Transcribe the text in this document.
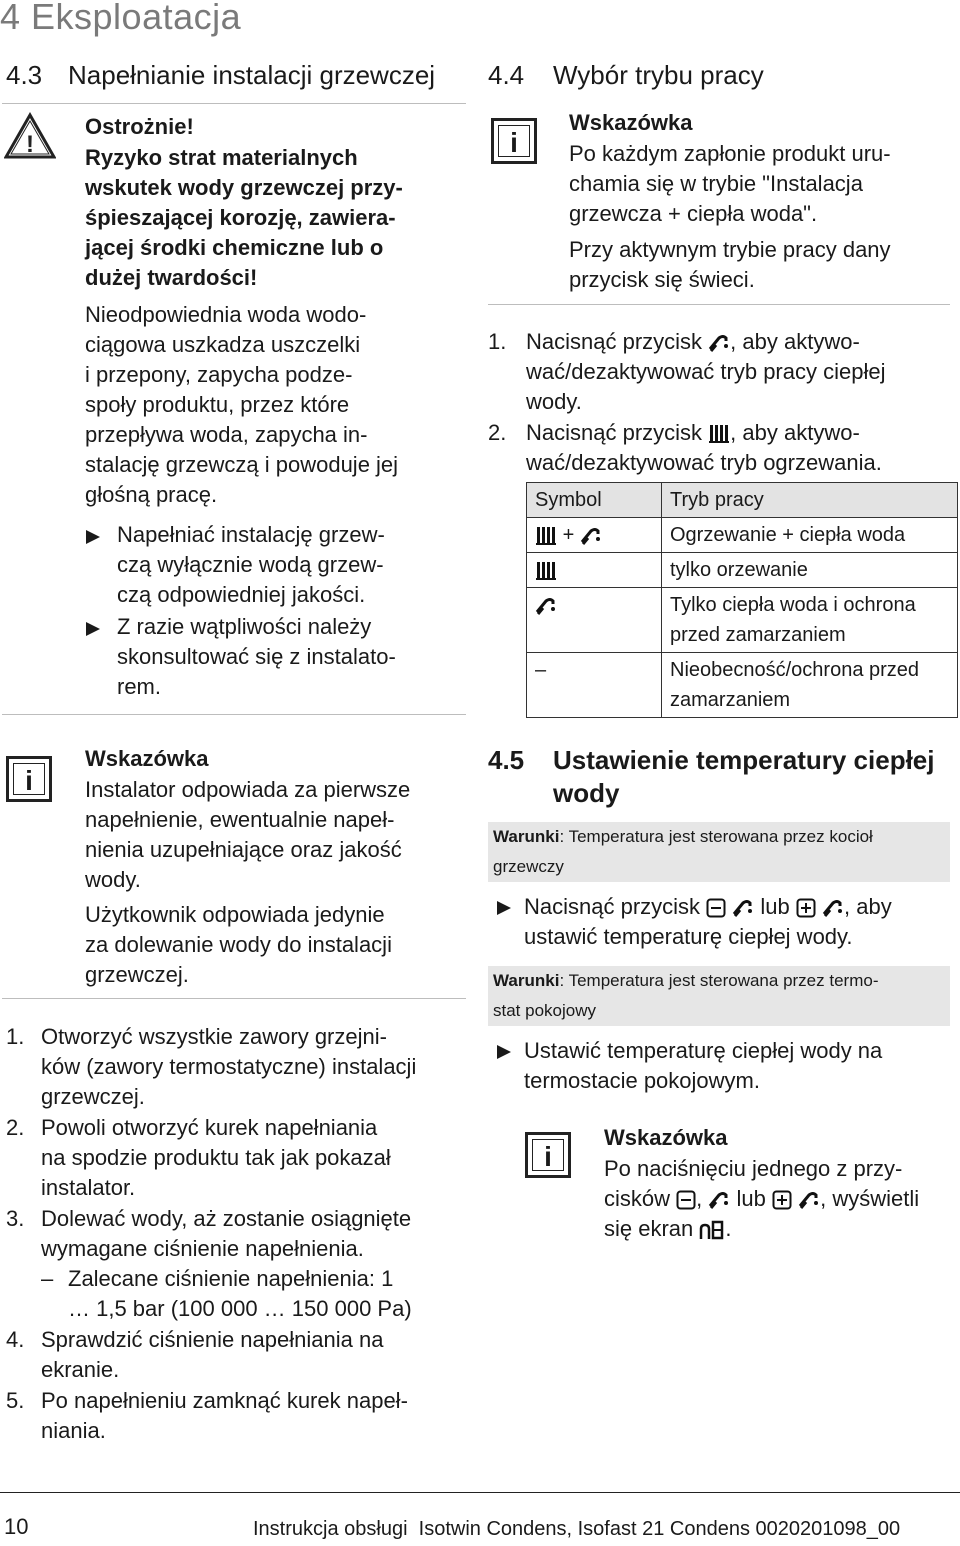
4 Eksploatacja
4.3 Napełnianie instalacji grzewczej
!
Ostrożnie!
Ryzyko strat materialnych
wskutek wody grzewczej przy-
śpieszającej korozję, zawiera-
jącej środki chemiczne lub o
dużej twardości!
Nieodpowiednia woda wodo-
ciągowa uszkadza uszczelki
i przepony, zapycha podze-
społy produktu, przez które
przepływa woda, zapycha in-
stalację grzewczą i powoduje jej
głośną pracę.
Napełniać instalację grzew-
czą wyłącznie wodą grzew-
czą odpowiedniej jakości.
Z razie wątpliwości należy
skonsultować się z instalato-
rem.
i
Wskazówka
Instalator odpowiada za pierwsze
napełnienie, ewentualnie napeł-
nienia uzupełniające oraz jakość
wody.
Użytkownik odpowiada jedynie
za dolewanie wody do instalacji
grzewczej.
1. Otworzyć wszystkie zawory grzejni-
ków (zawory termostatyczne) instalacji
grzewczej.
2. Powoli otworzyć kurek napełniania
na spodzie produktu tak jak pokazał
instalator.
3. Dolewać wody, aż zostanie osiągnięte
wymagane ciśnienie napełnienia.
– Zalecane ciśnienie napełnienia: 1
… 1,5 bar (100 000 … 150 000 Pa)
4. Sprawdzić ciśnienie napełniania na
ekranie.
5. Po napełnieniu zamknąć kurek napeł-
niania.
4.4 Wybór trybu pracy
i
Wskazówka
Po każdym zapłonie produkt uru-
chamia się w trybie "Instalacja
grzewcza + ciepła woda".
Przy aktywnym trybie pracy dany
przycisk się świeci.
1. Nacisnąć przycisk , aby aktywo-
wać/dezaktywować tryb pracy ciepłej
wody.
2. Nacisnąć przycisk , aby aktywo-
wać/dezaktywować tryb ogrzewania.
Symbol	Tryb pracy
+	Ogrzewanie + ciepła woda
	tylko orzewanie

Tylko ciepła woda i ochrona
przed zamarzaniem

–	Nieobecność/ochrona przed
zamarzaniem
4.5 Ustawienie temperatury ciepłej
wody
Warunki: Temperatura jest sterowana przez kocioł
grzewczy
Nacisnąć przycisk	lub , aby
ustawić temperaturę ciepłej wody.
Warunki: Temperatura jest sterowana przez termo-
stat pokojowy
Ustawić temperaturę ciepłej wody na
termostacie pokojowym.
i
Wskazówka
Po naciśnięciu jednego z przy-
cisków , lub , wyświetli
się ekran .
10	Instrukcja obsługi  Isotwin Condens, Isofast 21 Condens 0020201098_00
